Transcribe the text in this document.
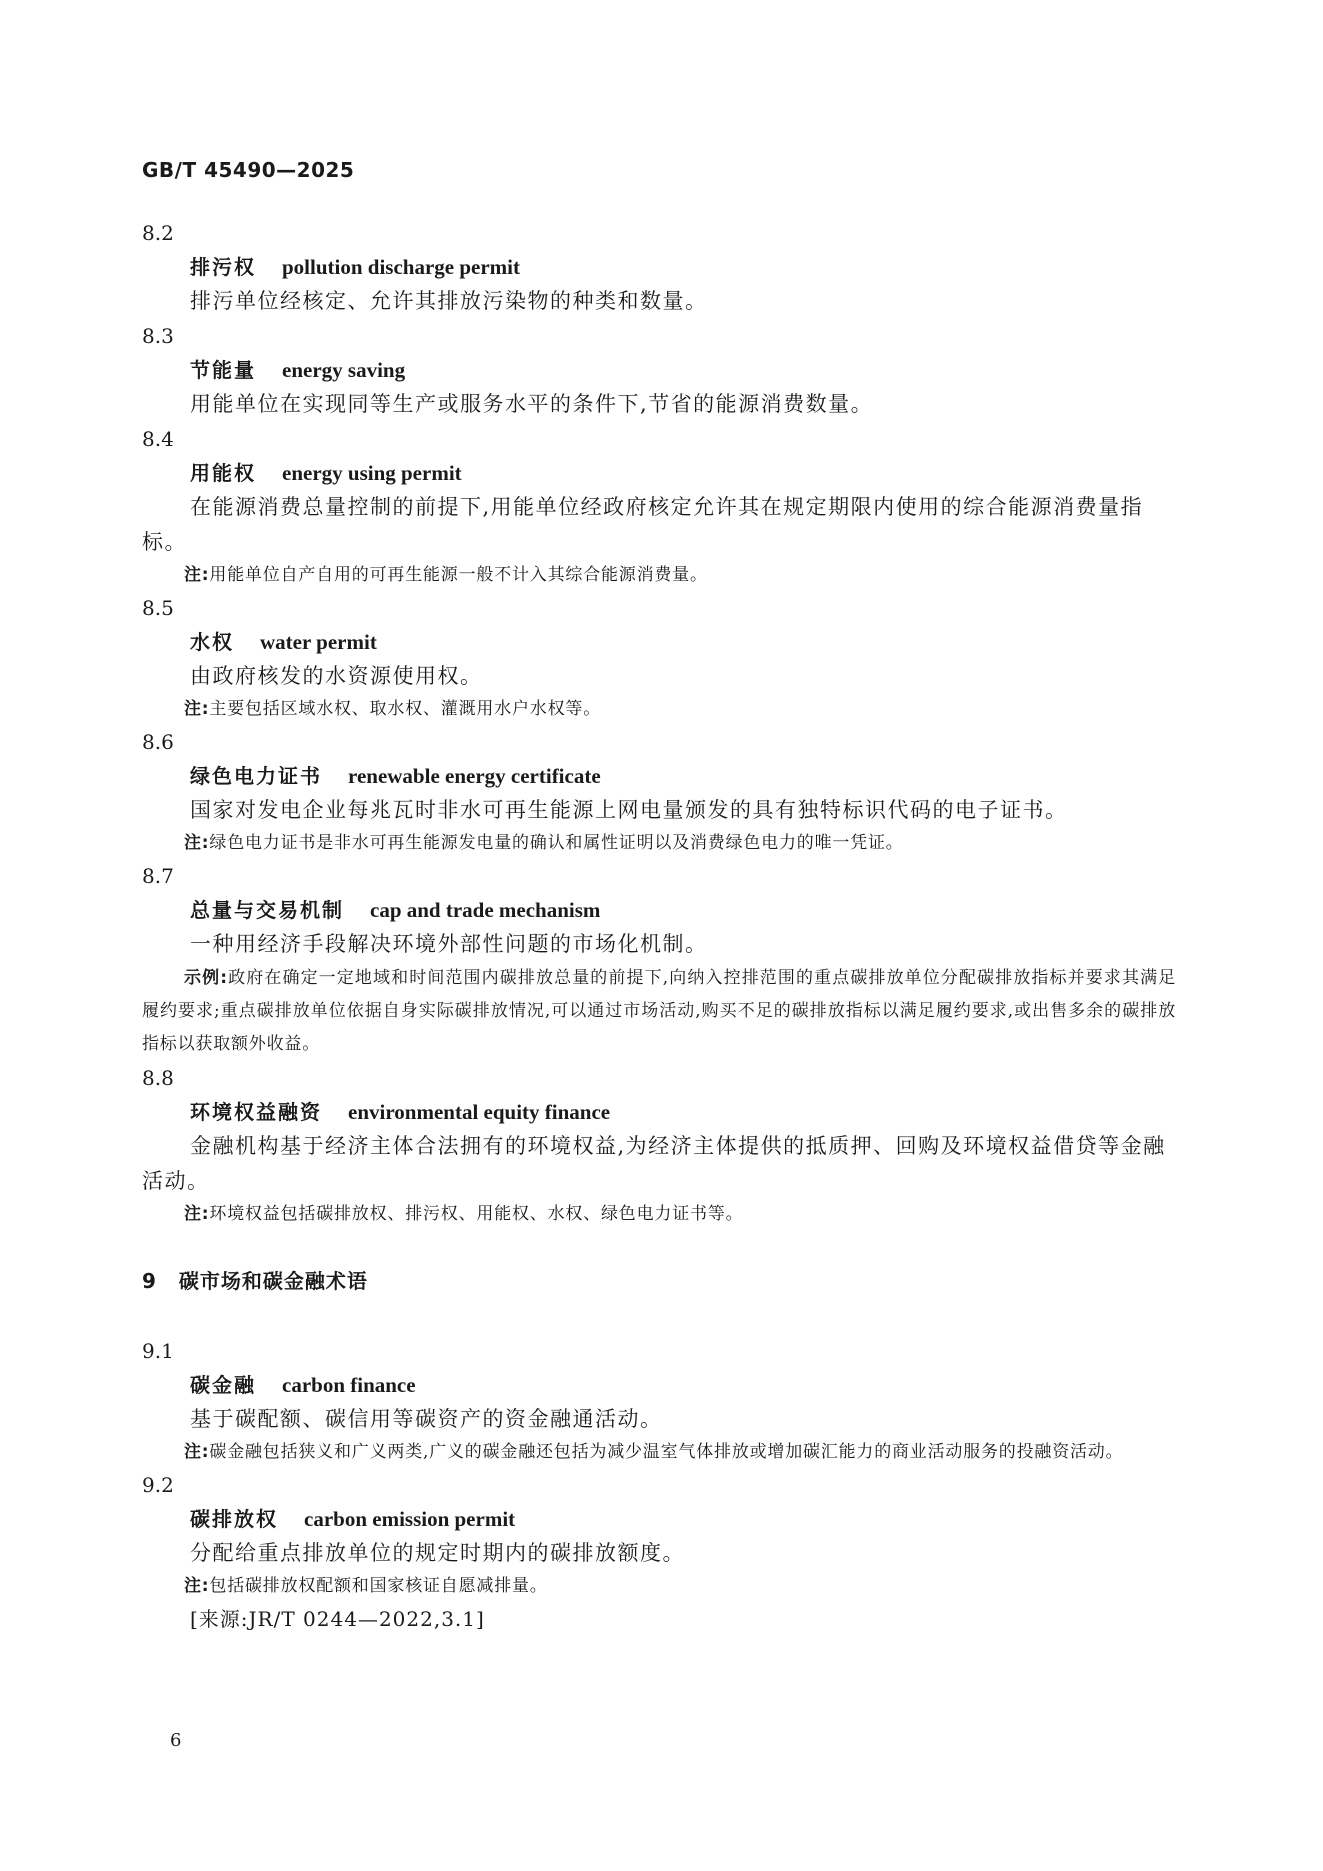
GB/T 45490—2025
8.2
排污权 pollution discharge permit

排污单位经核定、允许其排放污染物的种类和数量。

8.3
节能量 energy saving

用能单位在实现同等生产或服务水平的条件下,节省的能源消费数量。

8.4
用能权 energy using permit

在能源消费总量控制的前提下,用能单位经政府核定允许其在规定期限内使用的综合能源消费量指标。

注:用能单位自产自用的可再生能源一般不计入其综合能源消费量。

8.5
水权 water permit

由政府核发的水资源使用权。

注:主要包括区域水权、取水权、灌溉用水户水权等。

8.6
绿色电力证书 renewable energy certificate

国家对发电企业每兆瓦时非水可再生能源上网电量颁发的具有独特标识代码的电子证书。

注:绿色电力证书是非水可再生能源发电量的确认和属性证明以及消费绿色电力的唯一凭证。

8.7
总量与交易机制 cap and trade mechanism

一种用经济手段解决环境外部性问题的市场化机制。

示例:政府在确定一定地域和时间范围内碳排放总量的前提下,向纳入控排范围的重点碳排放单位分配碳排放指标并要求其满足履约要求;重点碳排放单位依据自身实际碳排放情况,可以通过市场活动,购买不足的碳排放指标以满足履约要求,或出售多余的碳排放指标以获取额外收益。

8.8
环境权益融资 environmental equity finance

金融机构基于经济主体合法拥有的环境权益,为经济主体提供的抵质押、回购及环境权益借贷等金融活动。

注:环境权益包括碳排放权、排污权、用能权、水权、绿色电力证书等。

9 碳市场和碳金融术语
9.1
碳金融 carbon finance

基于碳配额、碳信用等碳资产的资金融通活动。

注:碳金融包括狭义和广义两类,广义的碳金融还包括为减少温室气体排放或增加碳汇能力的商业活动服务的投融资活动。

9.2
碳排放权 carbon emission permit

分配给重点排放单位的规定时期内的碳排放额度。

注:包括碳排放权配额和国家核证自愿减排量。

[来源:JR/T 0244—2022,3.1]

6
